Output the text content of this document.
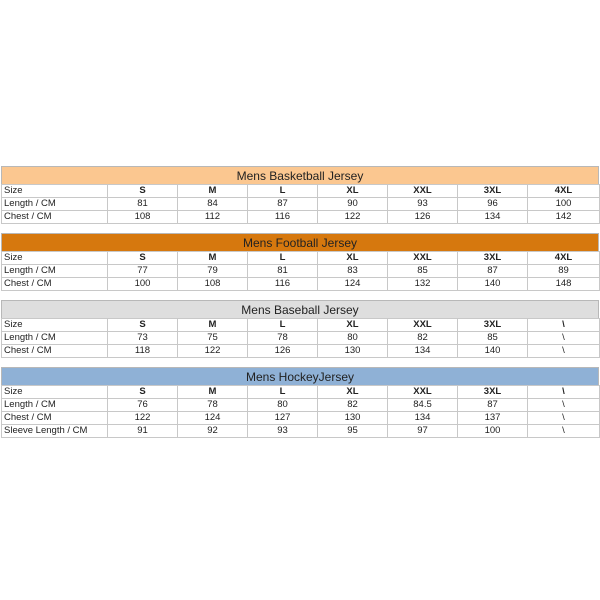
Mens Basketball Jersey
Size	S	M	L	XL	XXL	3XL	4XL
Length / CM	81	84	87	90	93	96	100
Chest / CM	108	112	116	122	126	134	142
Mens Football Jersey
Size	S	M	L	XL	XXL	3XL	4XL
Length / CM	77	79	81	83	85	87	89
Chest / CM	100	108	116	124	132	140	148
Mens Baseball Jersey
Size	S	M	L	XL	XXL	3XL	\
Length / CM	73	75	78	80	82	85	\
Chest / CM	118	122	126	130	134	140	\
Mens HockeyJersey
Size	S	M	L	XL	XXL	3XL	\
Length / CM	76	78	80	82	84.5	87	\
Chest / CM	122	124	127	130	134	137	\
Sleeve Length / CM	91	92	93	95	97	100	\
